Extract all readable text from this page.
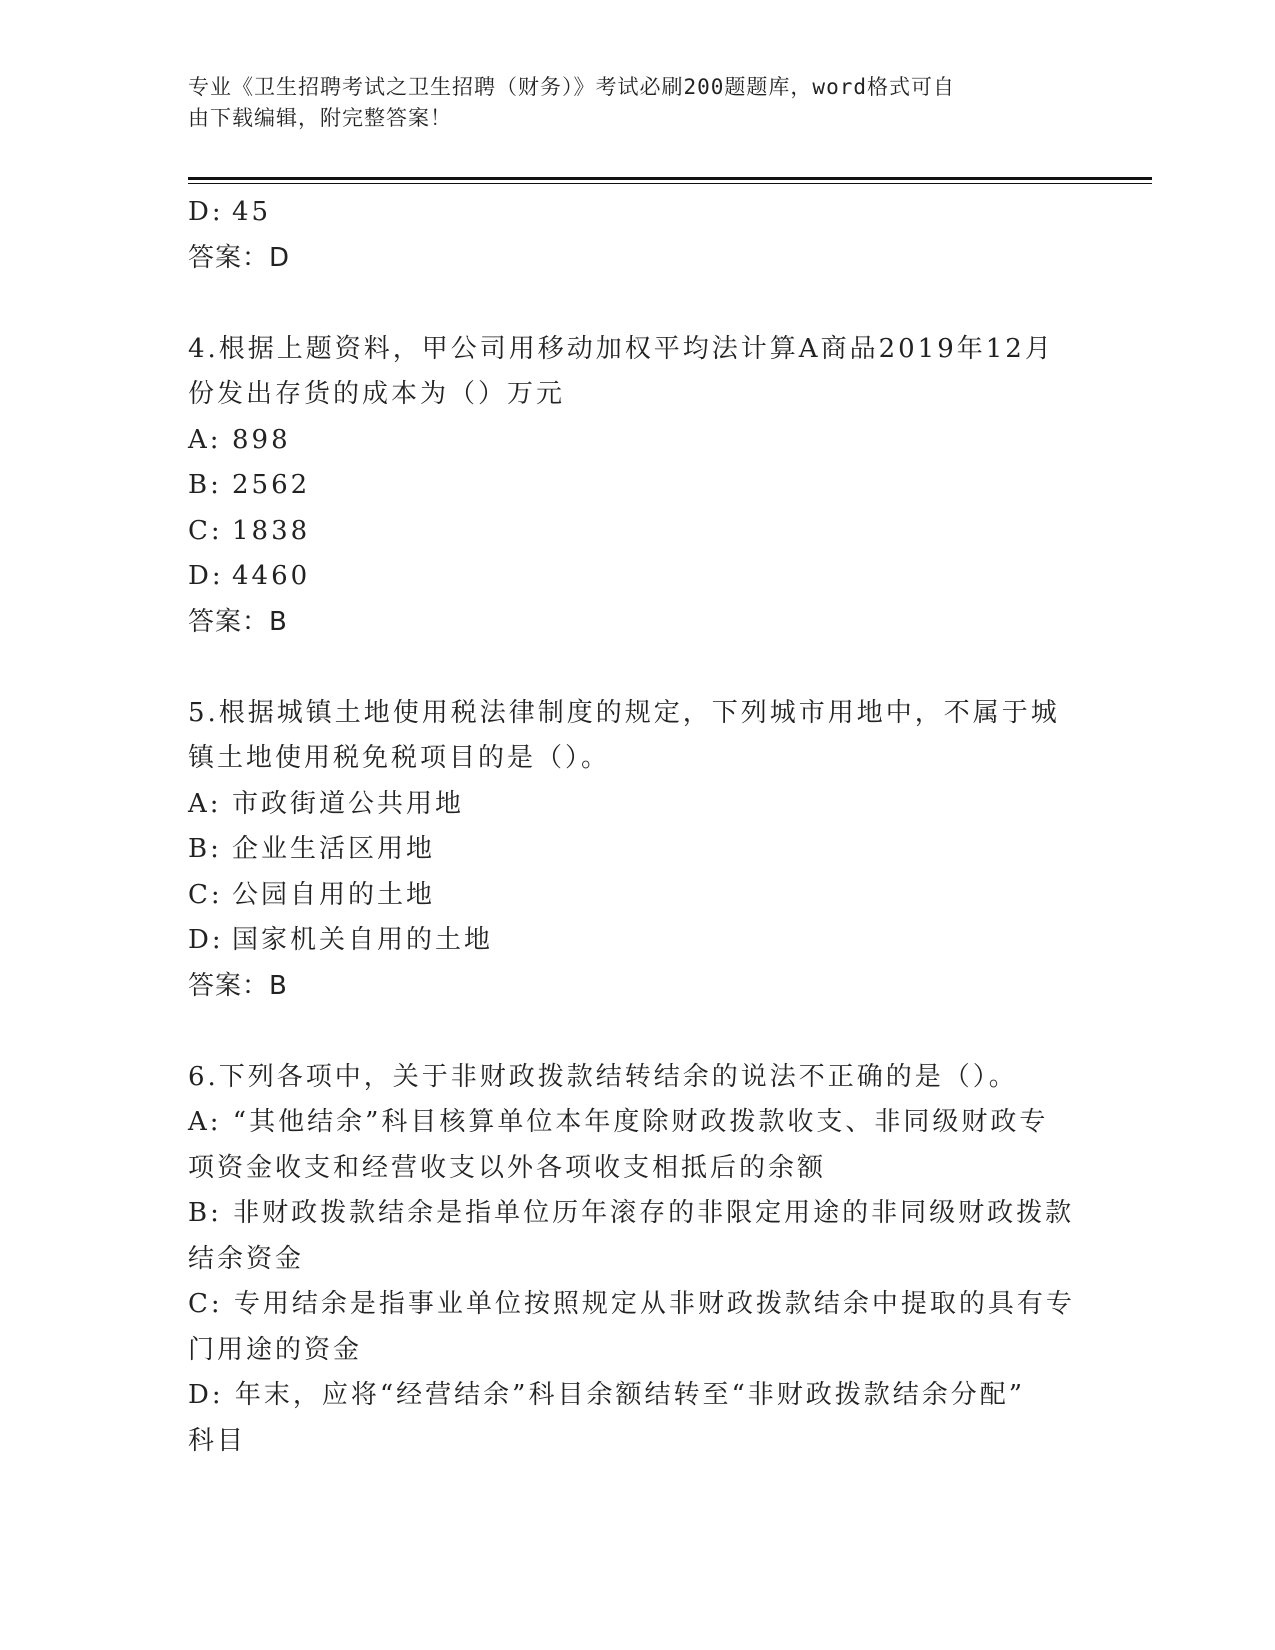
专业《卫生招聘考试之卫生招聘（财务）》考试必刷200题题库，word格式可自
由下载编辑，附完整答案！
D: 45
答案：D
4.根据上题资料，甲公司用移动加权平均法计算A商品2019年12月
份发出存货的成本为（）万元
A: 898
B: 2562
C: 1838
D: 4460
答案：B
5.根据城镇土地使用税法律制度的规定，下列城市用地中，不属于城
镇土地使用税免税项目的是（）。
A: 市政街道公共用地
B: 企业生活区用地
C: 公园自用的土地
D: 国家机关自用的土地
答案：B
6.下列各项中，关于非财政拨款结转结余的说法不正确的是（）。
A: “其他结余”科目核算单位本年度除财政拨款收支、非同级财政专
项资金收支和经营收支以外各项收支相抵后的余额
B: 非财政拨款结余是指单位历年滚存的非限定用途的非同级财政拨款
结余资金
C: 专用结余是指事业单位按照规定从非财政拨款结余中提取的具有专
门用途的资金
D: 年末，应将“经营结余”科目余额结转至“非财政拨款结余分配”
科目
